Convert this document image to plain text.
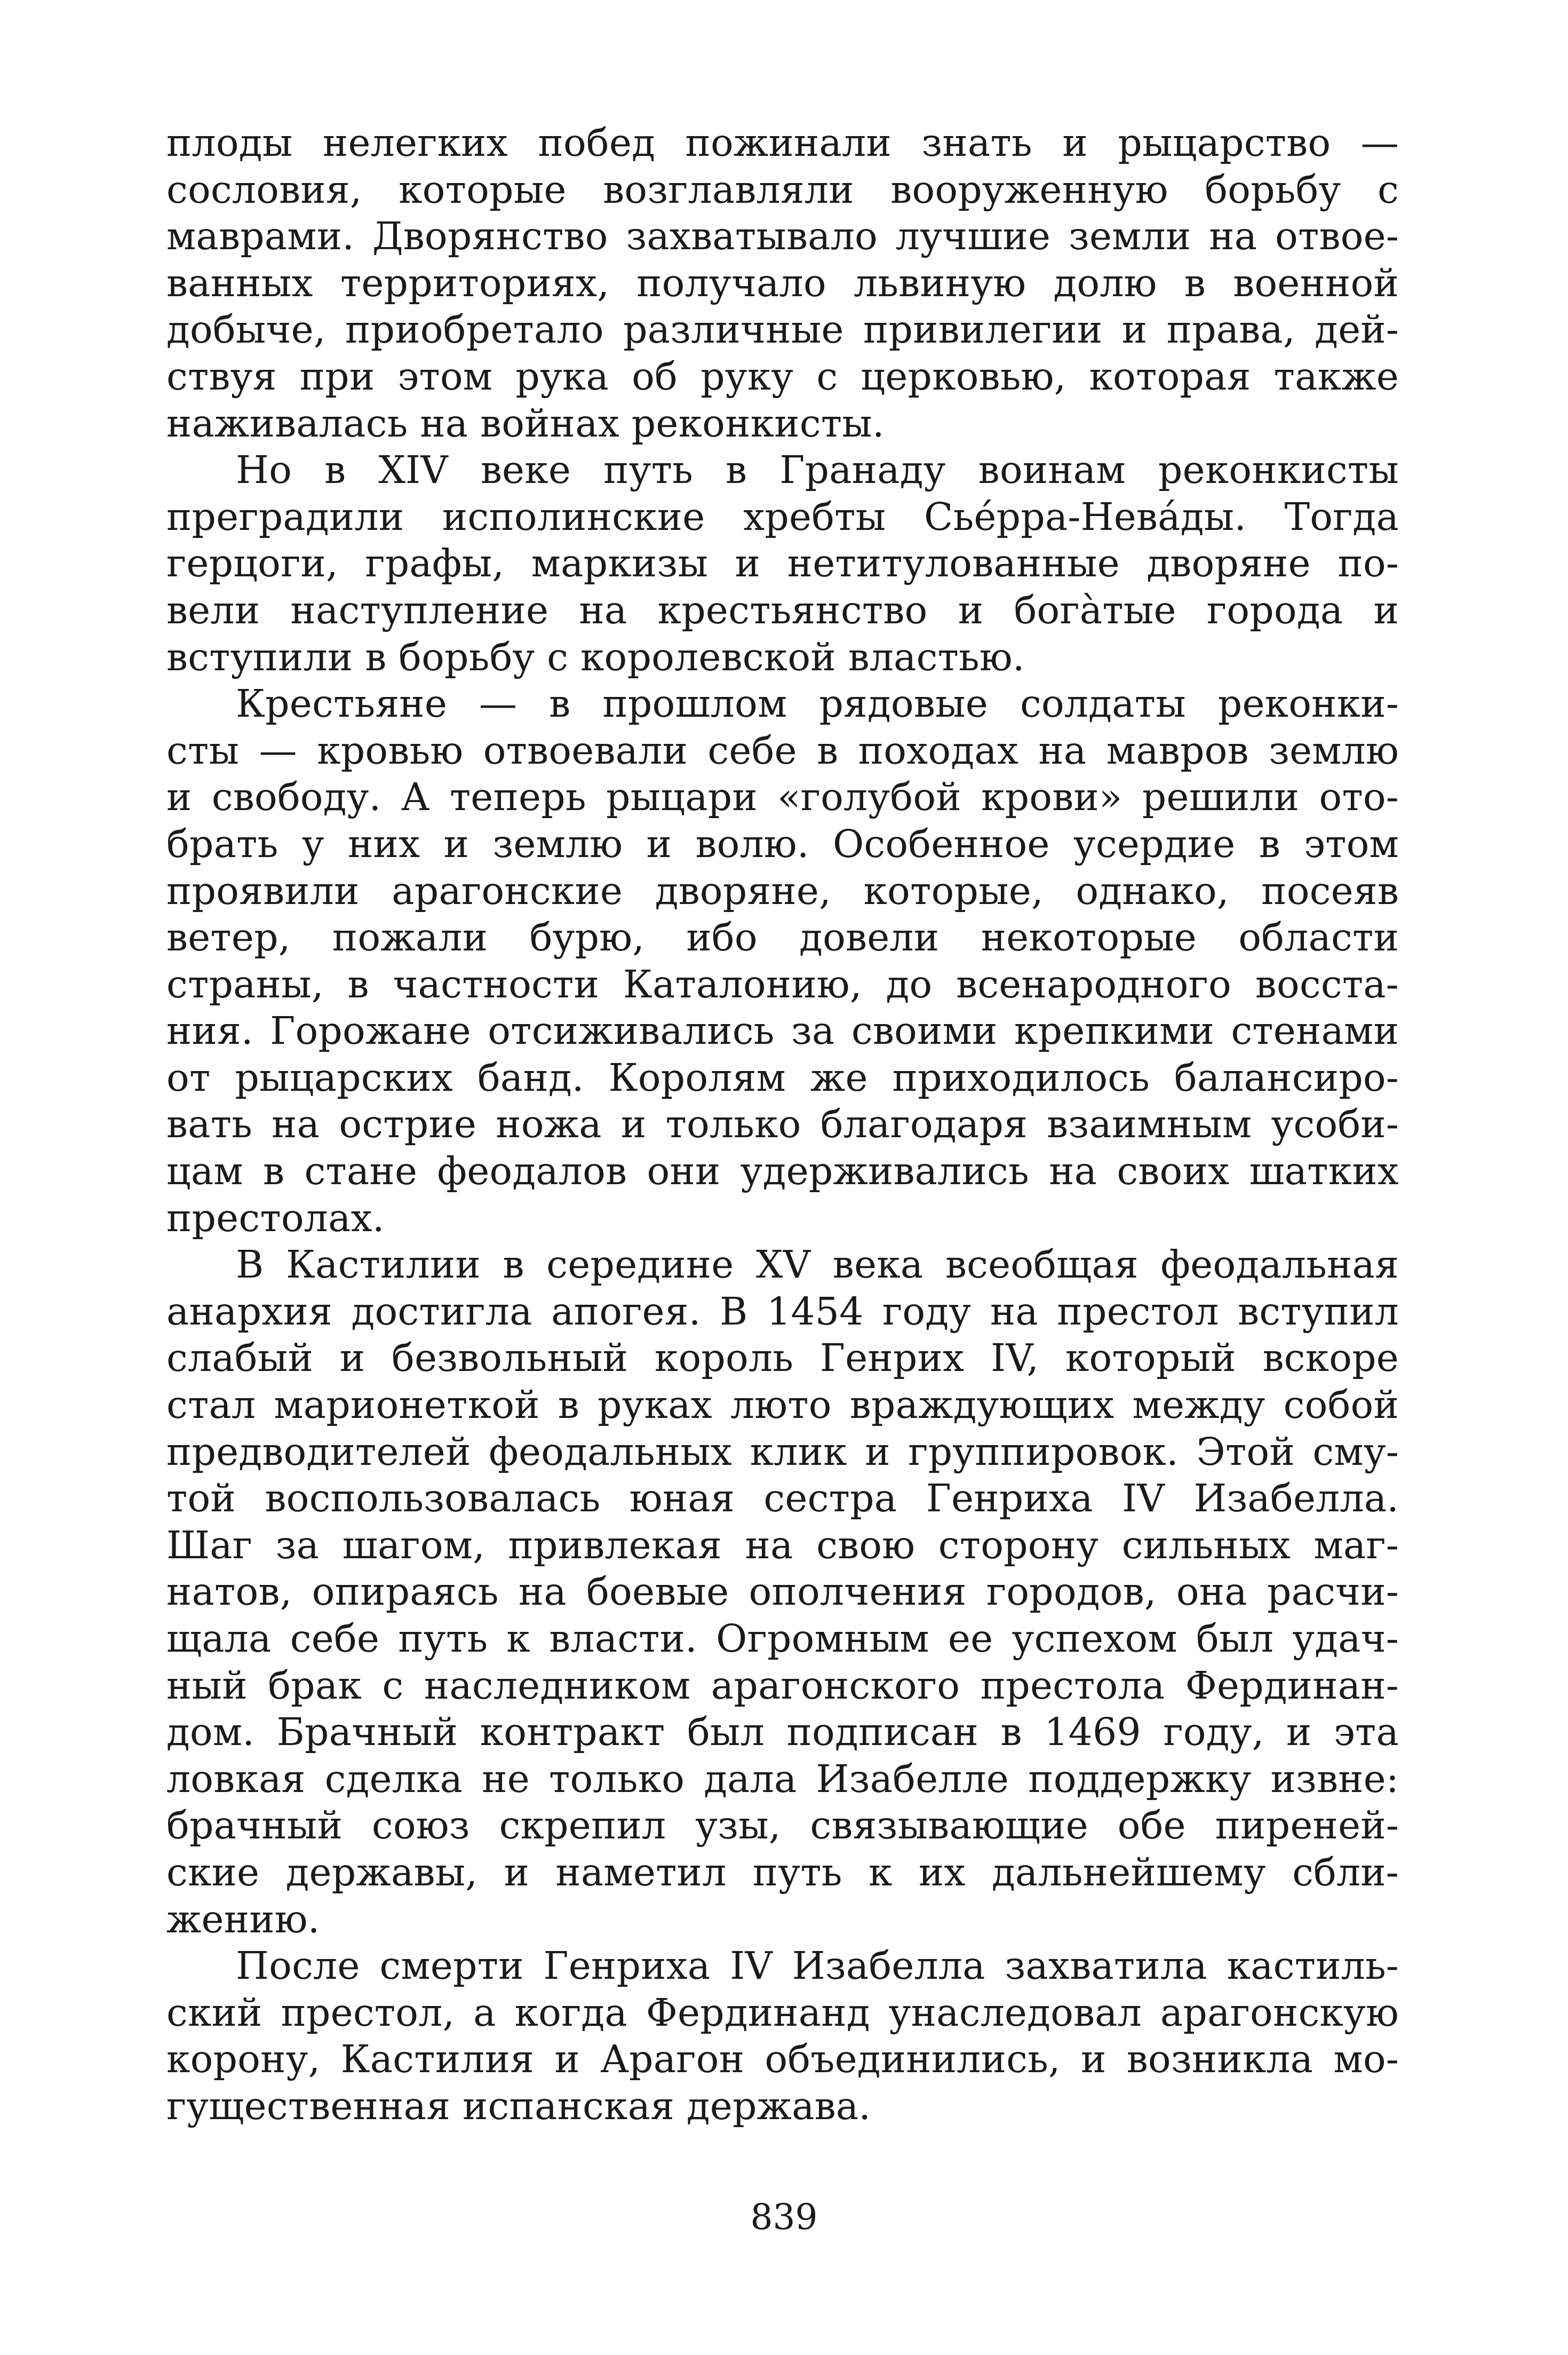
плоды нелегких побед пожинали знать и рыцарство —
сословия, которые возглавляли вооруженную борьбу с
маврами. Дворянство захватывало лучшие земли на отвое-
ванных территориях, получало львиную долю в военной
добыче, приобретало различные привилегии и права, дей-
ствуя при этом рука об руку с церковью, которая также
наживалась на войнах реконкисты.
Но в XIV веке путь в Гранаду воинам реконкисты
преградили исполинские хребты Сьéрра-Невáды. Тогда
герцоги, графы, маркизы и нетитулованные дворяне по-
вели наступление на крестьянство и богàтые города и
вступили в борьбу с королевской властью.
Крестьяне — в прошлом рядовые солдаты реконки-
сты — кровью отвоевали себе в походах на мавров землю
и свободу. А теперь рыцари «голубой крови» решили ото-
брать у них и землю и волю. Особенное усердие в этом
проявили арагонские дворяне, которые, однако, посеяв
ветер, пожали бурю, ибо довели некоторые области
страны, в частности Каталонию, до всенародного восста-
ния. Горожане отсиживались за своими крепкими стенами
от рыцарских банд. Королям же приходилось балансиро-
вать на острие ножа и только благодаря взаимным усоби-
цам в стане феодалов они удерживались на своих шатких
престолах.
В Кастилии в середине XV века всеобщая феодальная
анархия достигла апогея. В 1454 году на престол вступил
слабый и безвольный король Генрих IV, который вскоре
стал марионеткой в руках люто враждующих между собой
предводителей феодальных клик и группировок. Этой сму-
той воспользовалась юная сестра Генриха IV Изабелла.
Шаг за шагом, привлекая на свою сторону сильных маг-
натов, опираясь на боевые ополчения городов, она расчи-
щала себе путь к власти. Огромным ее успехом был удач-
ный брак с наследником арагонского престола Фердинан-
дом. Брачный контракт был подписан в 1469 году, и эта
ловкая сделка не только дала Изабелле поддержку извне:
брачный союз скрепил узы, связывающие обе пиреней-
ские державы, и наметил путь к их дальнейшему сбли-
жению.
После смерти Генриха IV Изабелла захватила кастиль-
ский престол, а когда Фердинанд унаследовал арагонскую
корону, Кастилия и Арагон объединились, и возникла мо-
гущественная испанская держава.
839
